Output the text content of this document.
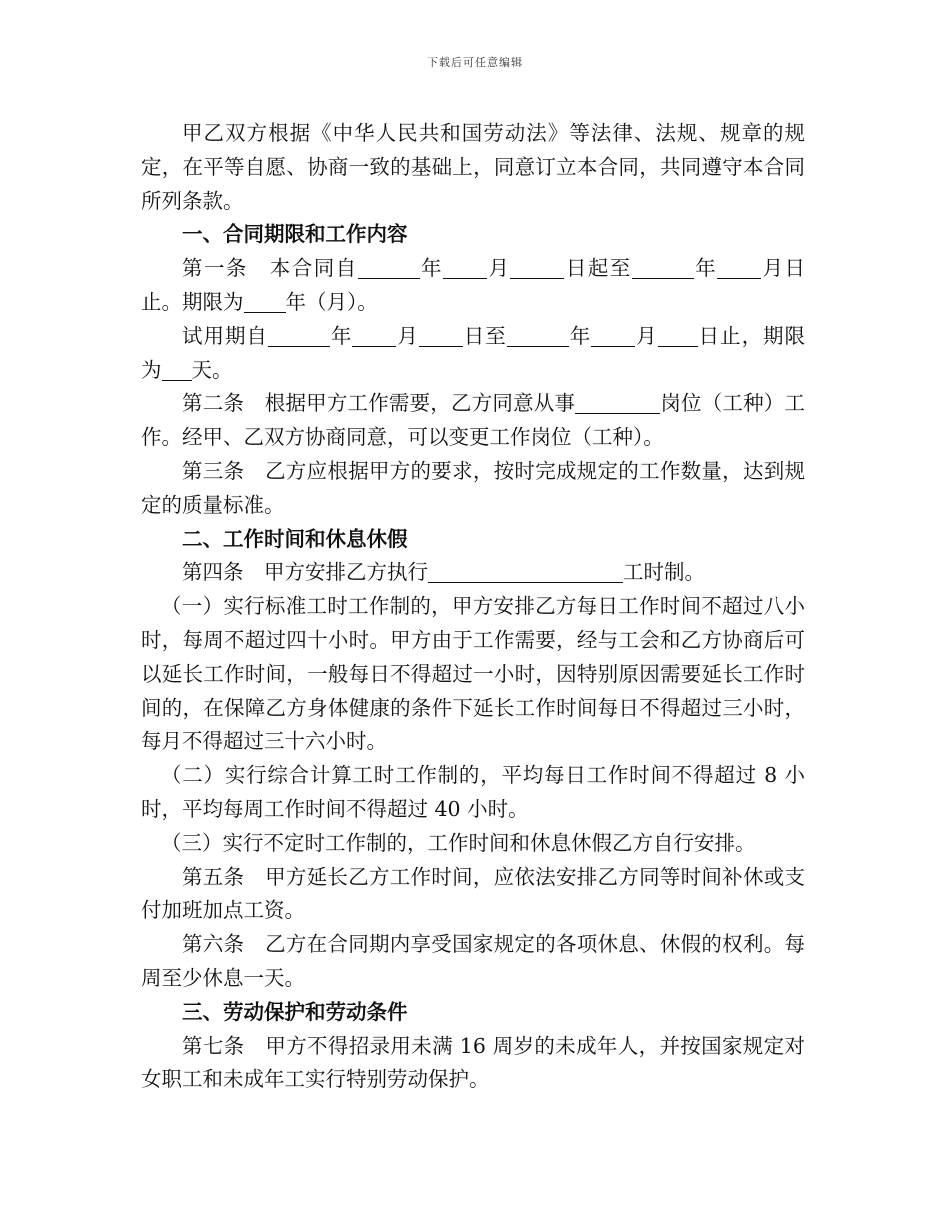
下载后可任意编辑

甲乙双方根据《中华人民共和国劳动法》等法律、法规、规章的规定，在平等自愿、协商一致的基础上，同意订立本合同，共同遵守本合同所列条款。

一、合同期限和工作内容

第一条　本合同自	年 月	日起至	年 月日止。期限为 年（月）。

试用期自	年 月 日至	年 月 日止，期限为 天。

第二条　根据甲方工作需要，乙方同意从事	岗位（工种）工作。经甲、乙双方协商同意，可以变更工作岗位（工种）。

第三条　乙方应根据甲方的要求，按时完成规定的工作数量，达到规定的质量标准。

二、工作时间和休息休假

第四条　甲方安排乙方执行	工时制。

（一）实行标准工时工作制的，甲方安排乙方每日工作时间不超过八小时，每周不超过四十小时。甲方由于工作需要，经与工会和乙方协商后可以延长工作时间，一般每日不得超过一小时，因特别原因需要延长工作时间的，在保障乙方身体健康的条件下延长工作时间每日不得超过三小时，每月不得超过三十六小时。

（二）实行综合计算工时工作制的，平均每日工作时间不得超过 8 小时，平均每周工作时间不得超过 40 小时。

（三）实行不定时工作制的，工作时间和休息休假乙方自行安排。

第五条　甲方延长乙方工作时间，应依法安排乙方同等时间补休或支付加班加点工资。

第六条　乙方在合同期内享受国家规定的各项休息、休假的权利。每周至少休息一天。

三、劳动保护和劳动条件

第七条　甲方不得招录用未满 16 周岁的未成年人，并按国家规定对女职工和未成年工实行特别劳动保护。
